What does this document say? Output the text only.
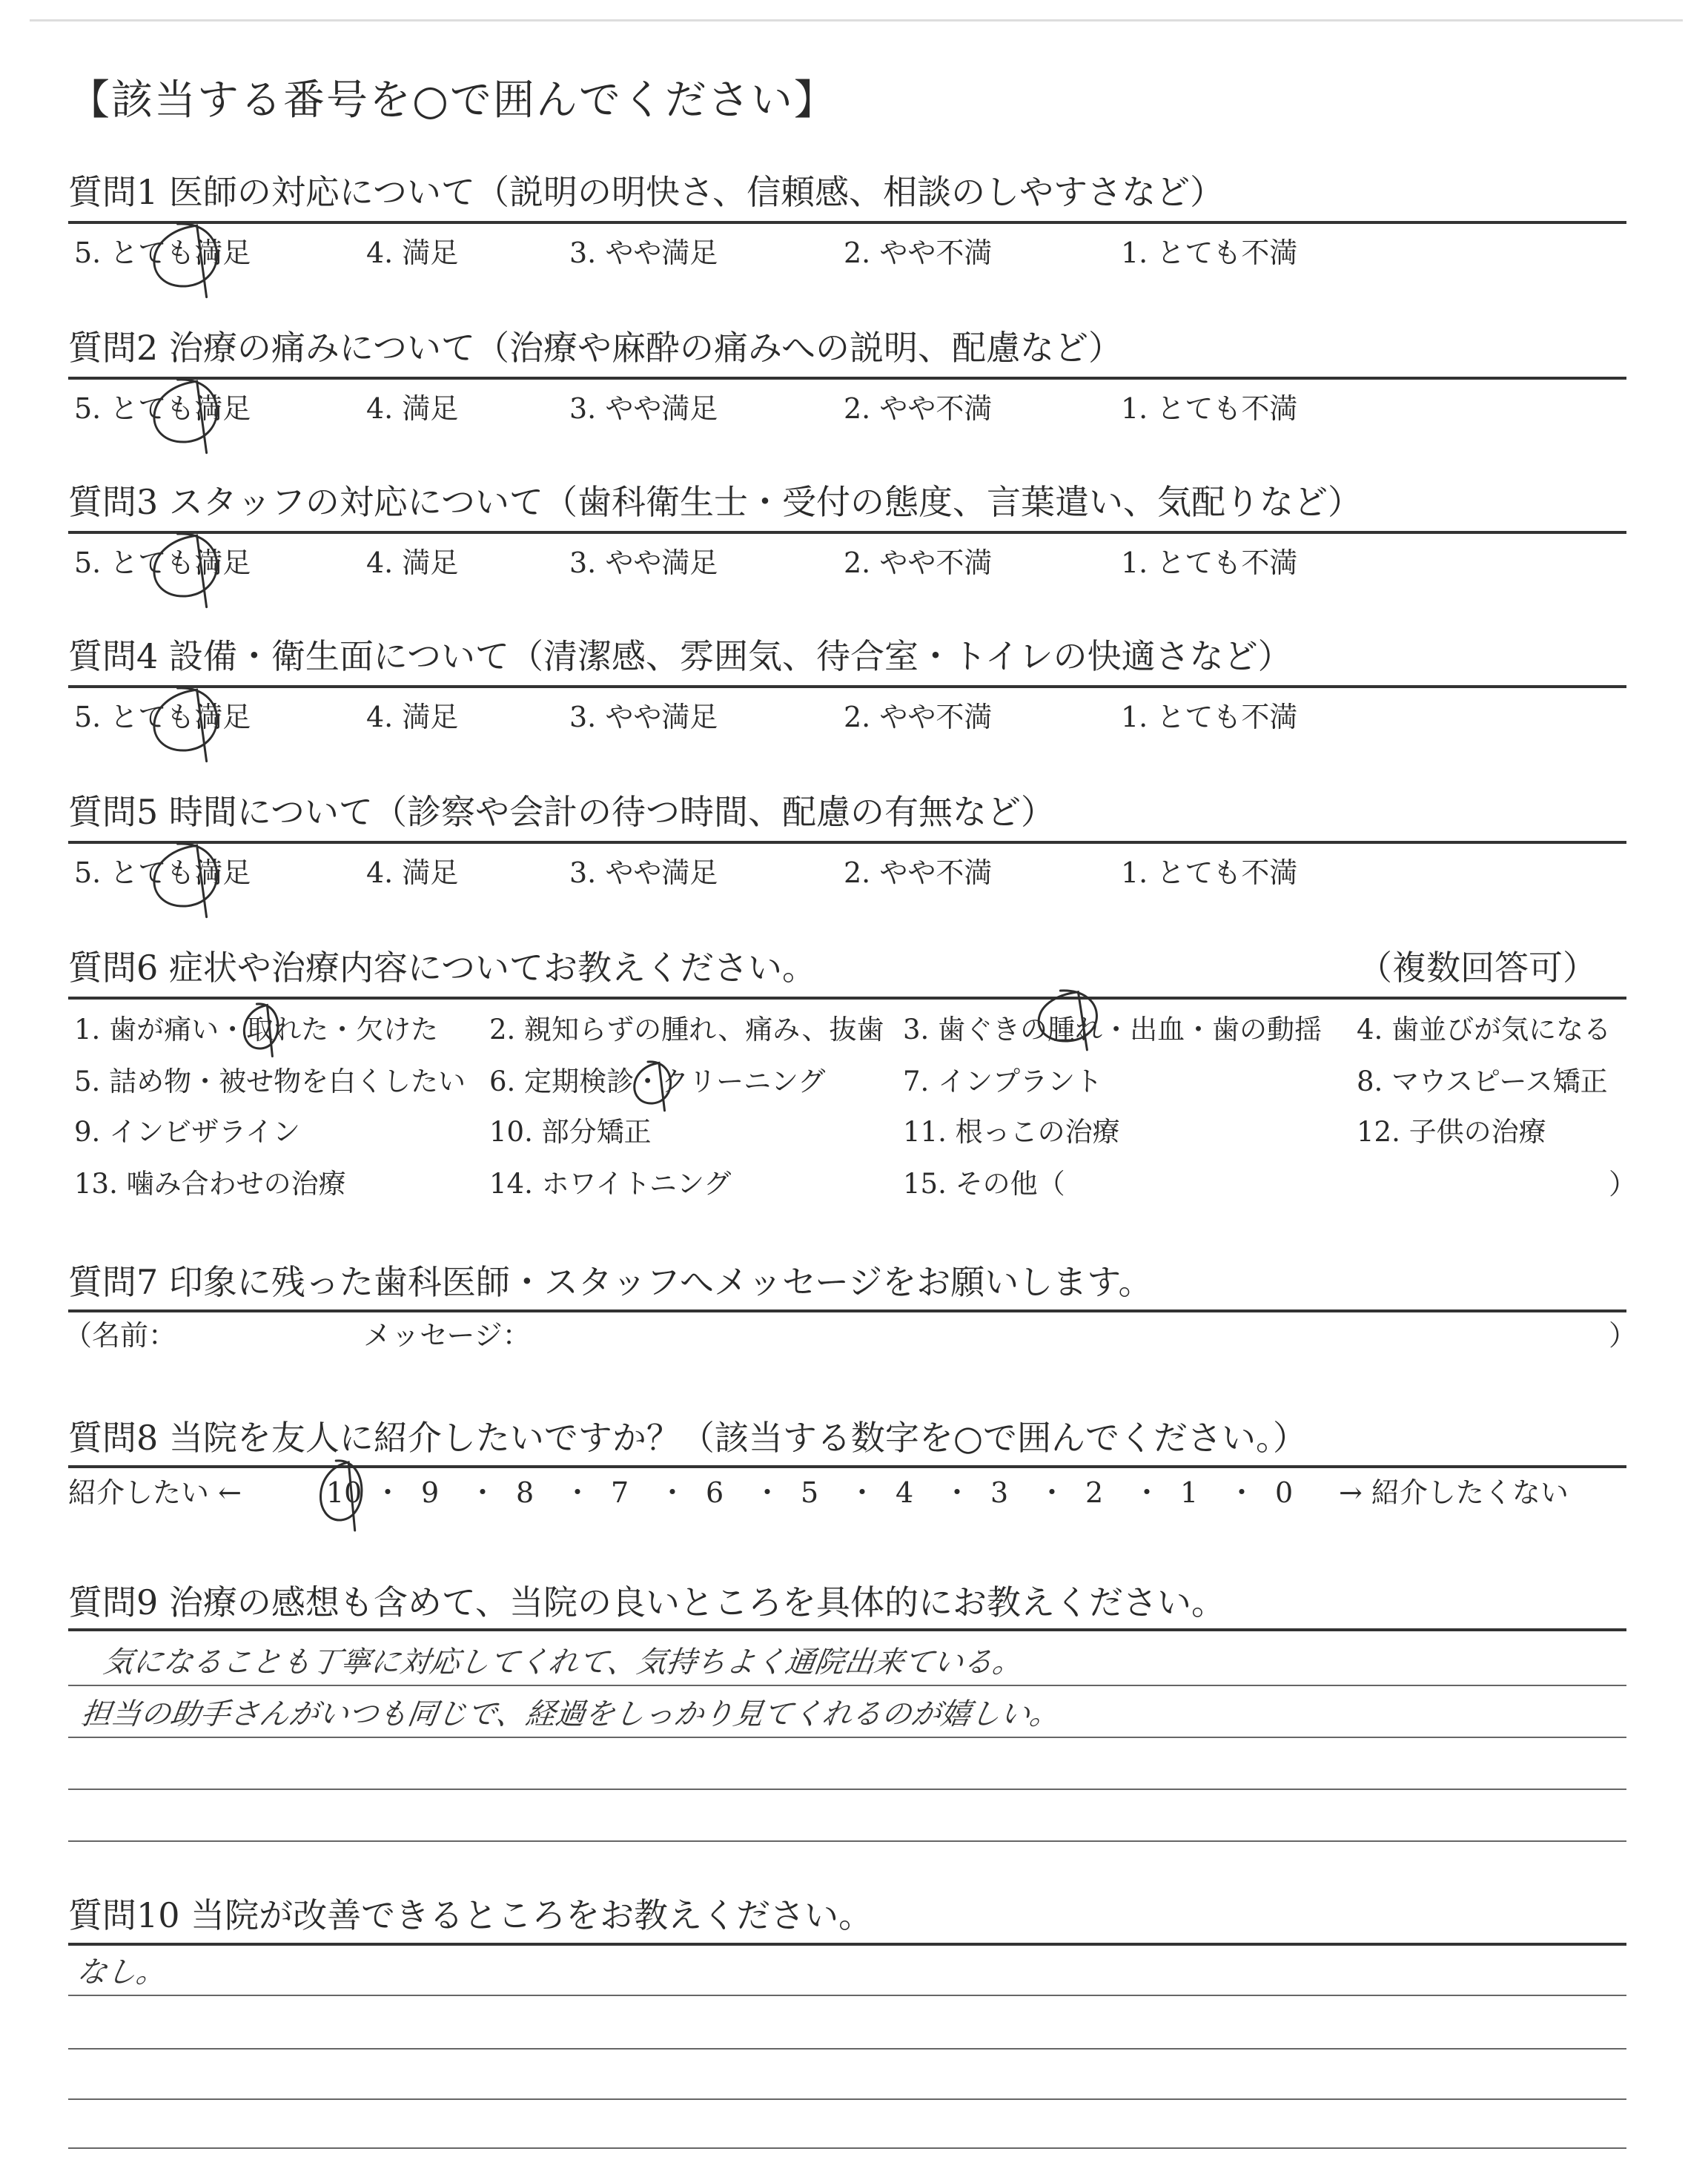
【該当する番号を○で囲んでください】
質問1 医師の対応について（説明の明快さ、信頼感、相談のしやすさなど）
5. とても満足	4. 満足	3. やや満足	2. やや不満	1. とても不満
質問2 治療の痛みについて（治療や麻酔の痛みへの説明、配慮など）
5. とても満足	4. 満足	3. やや満足	2. やや不満	1. とても不満
質問3 スタッフの対応について（歯科衛生士・受付の態度、言葉遣い、気配りなど）
5. とても満足	4. 満足	3. やや満足	2. やや不満	1. とても不満
質問4 設備・衛生面について（清潔感、雰囲気、待合室・トイレの快適さなど）
5. とても満足	4. 満足	3. やや満足	2. やや不満	1. とても不満
質問5 時間について（診察や会計の待つ時間、配慮の有無など）
5. とても満足	4. 満足	3. やや満足	2. やや不満	1. とても不満
質問6 症状や治療内容についてお教えください。	（複数回答可）
1. 歯が痛い・取れた・欠けた 2. 親知らずの腫れ、痛み、抜歯 3. 歯ぐきの腫れ・出血・歯の動揺 4. 歯並びが気になる
5. 詰め物・被せ物を白くしたい 6. 定期検診・クリーニング	7. インプラント	8. マウスピース矯正
9. インビザライン	10. 部分矯正	11. 根っこの治療	12. 子供の治療
13. 噛み合わせの治療	14. ホワイトニング	15. その他（	）
質問7 印象に残った歯科医師・スタッフへメッセージをお願いします。
（名前：	メッセージ：	）
質問8 当院を友人に紹介したいですか？（該当する数字を○で囲んでください。）
紹介したい ←	10 ・ 9 ・ 8 ・ 7 ・ 6 ・ 5 ・ 4 ・ 3 ・ 2 ・ 1 ・ 0 → 紹介したくない
質問9 治療の感想も含めて、当院の良いところを具体的にお教えください。
気になることも丁寧に対応してくれて、気持ちよく通院出来ている。
担当の助手さんがいつも同じで、経過をしっかり見てくれるのが嬉しい。
質問10 当院が改善できるところをお教えください。
なし。
